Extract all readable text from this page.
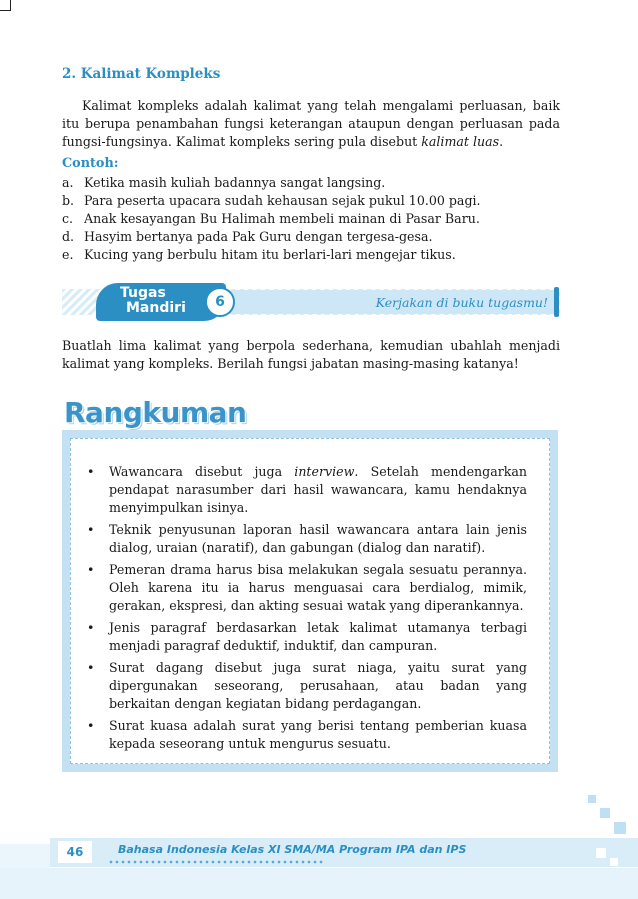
2. Kalimat Kompleks

Kalimat kompleks adalah kalimat yang telah mengalami perluasan, baik itu berupa penambahan fungsi keterangan ataupun dengan perluasan pada fungsi-fungsinya. Kalimat kompleks sering pula disebut kalimat luas.

Contoh:
a. Ketika masih kuliah badannya sangat langsing.
b. Para peserta upacara sudah kehausan sejak pukul 10.00 pagi.
c. Anak kesayangan Bu Halimah membeli mainan di Pasar Baru.
d. Hasyim bertanya pada Pak Guru dengan tergesa-gesa.
e. Kucing yang berbulu hitam itu berlari-lari mengejar tikus.
Tugas
Mandiri	6	Kerjakan di buku tugasmu!

Buatlah lima kalimat yang berpola sederhana, kemudian ubahlah menjadi kalimat yang kompleks. Berilah fungsi jabatan masing-masing katanya!

Rangkuman
•	Wawancara disebut juga interview. Setelah mendengarkan pendapat narasumber dari hasil wawancara, kamu hendaknya menyimpulkan isinya.
•	Teknik penyusunan laporan hasil wawancara antara lain jenis dialog, uraian (naratif), dan gabungan (dialog dan naratif).
•	Pemeran drama harus bisa melakukan segala sesuatu perannya. Oleh karena itu ia harus menguasai cara berdialog, mimik, gerakan, ekspresi, dan akting sesuai watak yang diperankannya.
•	Jenis paragraf berdasarkan letak kalimat utamanya terbagi menjadi paragraf deduktif, induktif, dan campuran.
•	Surat dagang disebut juga surat niaga, yaitu surat yang dipergunakan seseorang, perusahaan, atau badan yang berkaitan dengan kegiatan bidang perdagangan.
•	Surat kuasa adalah surat yang berisi tentang pemberian kuasa kepada seseorang untuk mengurus sesuatu.
46	Bahasa Indonesia Kelas XI SMA/MA Program IPA dan IPS
